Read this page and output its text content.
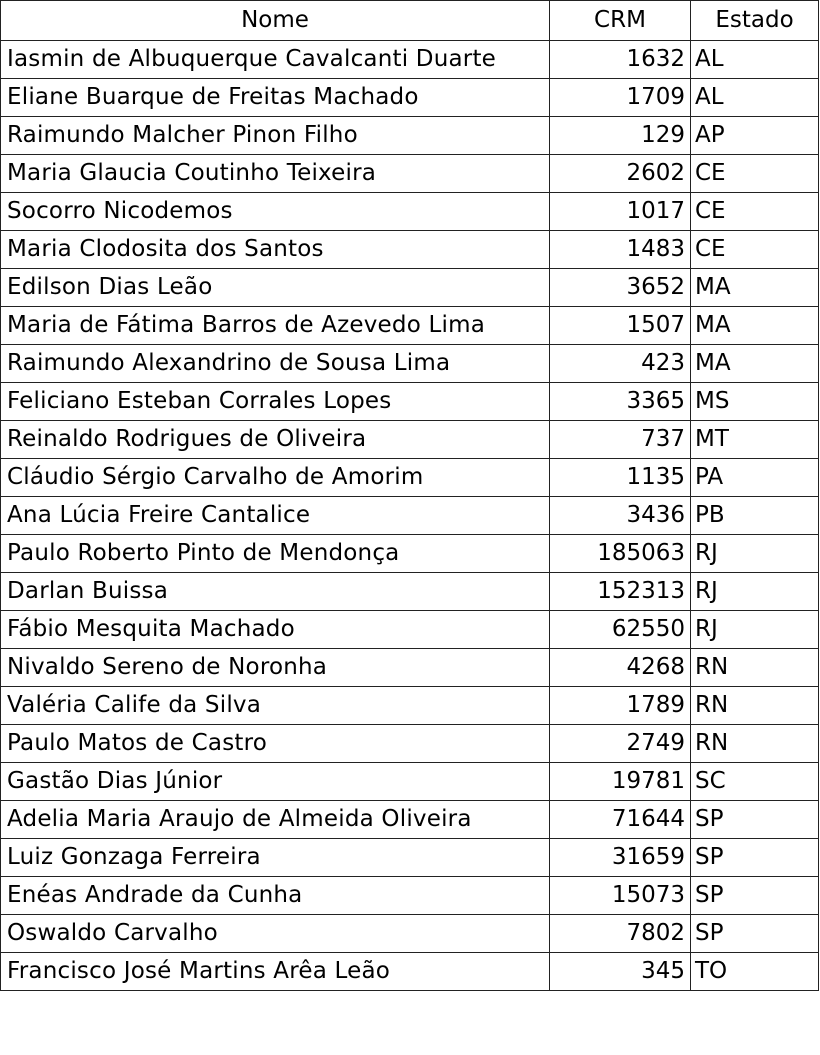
Nome	CRM	Estado
Iasmin de Albuquerque Cavalcanti Duarte	1632	AL
Eliane Buarque de Freitas Machado	1709	AL
Raimundo Malcher Pinon Filho	129	AP
Maria Glaucia Coutinho Teixeira	2602	CE
Socorro Nicodemos	1017	CE
Maria Clodosita dos Santos	1483	CE
Edilson Dias Leão	3652	MA
Maria de Fátima Barros de Azevedo Lima	1507	MA
Raimundo Alexandrino de Sousa Lima	423	MA
Feliciano Esteban Corrales Lopes	3365	MS
Reinaldo Rodrigues de Oliveira	737	MT
Cláudio Sérgio Carvalho de Amorim	1135	PA
Ana Lúcia Freire Cantalice	3436	PB
Paulo Roberto Pinto de Mendonça	185063	RJ
Darlan Buissa	152313	RJ
Fábio Mesquita Machado	62550	RJ
Nivaldo Sereno de Noronha	4268	RN
Valéria Calife da Silva	1789	RN
Paulo Matos de Castro	2749	RN
Gastão Dias Júnior	19781	SC
Adelia Maria Araujo de Almeida Oliveira	71644	SP
Luiz Gonzaga Ferreira	31659	SP
Enéas Andrade da Cunha	15073	SP
Oswaldo Carvalho	7802	SP
Francisco José Martins Arêa Leão	345	TO
